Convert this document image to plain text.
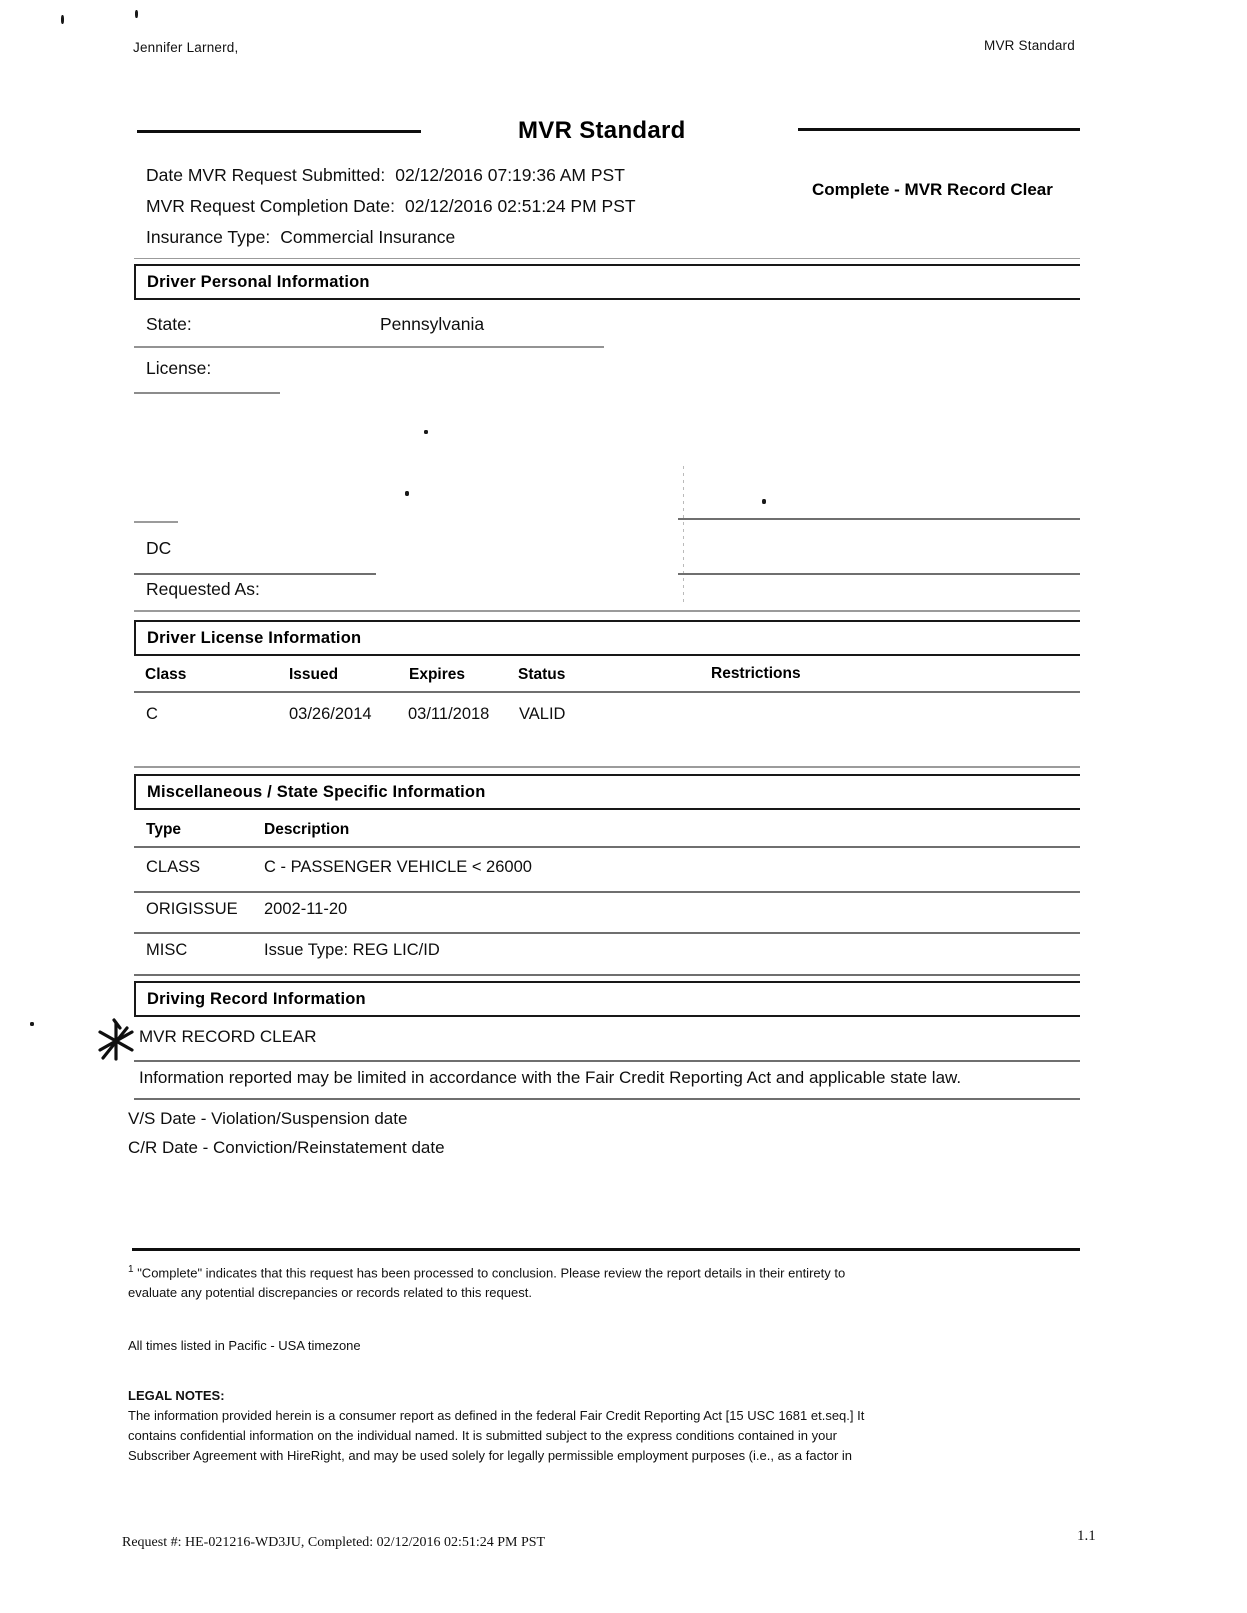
Jennifer Larnerd,	MVR Standard
MVR Standard
Date MVR Request Submitted: 02/12/2016 07:19:36 AM PST
MVR Request Completion Date: 02/12/2016 02:51:24 PM PST
Insurance Type: Commercial Insurance
Complete - MVR Record Clear
Driver Personal Information
State:	Pennsylvania
License:
DC
Requested As:
Driver License Information
Class	Issued	Expires	Status	Restrictions
C	03/26/2014 03/11/2018 VALID
Miscellaneous / State Specific Information
Type	Description
CLASS	C - PASSENGER VEHICLE < 26000
ORIGISSUE 2002-11-20
MISC	Issue Type: REG LIC/ID
Driving Record Information
MVR RECORD CLEAR
Information reported may be limited in accordance with the Fair Credit Reporting Act and applicable state law.
V/S Date - Violation/Suspension date
C/R Date - Conviction/Reinstatement date
$^1$ "Complete" indicates that this request has been processed to conclusion. Please review the report details in their entirety to
evaluate any potential discrepancies or records related to this request.
All times listed in Pacific - USA timezone
LEGAL NOTES:
The information provided herein is a consumer report as defined in the federal Fair Credit Reporting Act [15 USC 1681 et.seq.] It
contains confidential information on the individual named. It is submitted subject to the express conditions contained in your
Subscriber Agreement with HireRight, and may be used solely for legally permissible employment purposes (i.e., as a factor in
Request #: HE-021216-WD3JU, Completed: 02/12/2016 02:51:24 PM PST	1.1
